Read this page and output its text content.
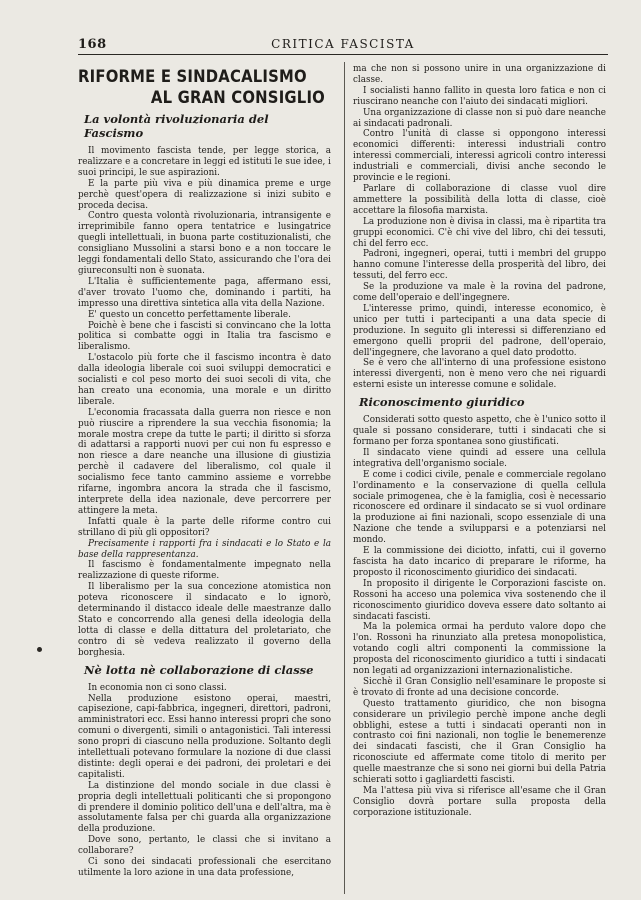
168	CRITICA FASCISTA
RIFORME E SINDACALISMO
AL GRAN CONSIGLIO
La volontà rivoluzionaria del Fascismo

Il movimento fascista tende, per legge storica, a realizzare e a concretare in leggi ed istituti le sue idee, i suoi principi, le sue aspirazioni.

E la parte più viva e più dinamica preme e urge perchè quest'opera di realizzazione si inizi subito e proceda decisa.

Contro questa volontà rivoluzionaria, intransigente e irreprimibile fanno opera tentatrice e lusingatrice quegli intellettuali, in buona parte costituzionalisti, che consigliano Mussolini a starsi bono e a non toccare le leggi fondamentali dello Stato, assicurando che l'ora dei giureconsulti non è suonata.

L'Italia è sufficientemente paga, affermano essi, d'aver trovato l'uomo che, dominando i partiti, ha impresso una direttiva sintetica alla vita della Nazione.

E' questo un concetto perfettamente liberale.

Poichè è bene che i fascisti si convincano che la lotta politica si combatte oggi in Italia tra fascismo e liberalismo.

L'ostacolo più forte che il fascismo incontra è dato dalla ideologia liberale coi suoi sviluppi democratici e socialisti e col peso morto dei suoi secoli di vita, che han creato una economia, una morale e un diritto liberale.

L'economia fracassata dalla guerra non riesce e non può riuscire a riprendere la sua vecchia fisonomia; la morale mostra crepe da tutte le parti; il diritto si sforza di adattarsi a rapporti nuovi per cui non fu espresso e non riesce a dare neanche una illusione di giustizia perchè il cadavere del liberalismo, col quale il socialismo fece tanto cammino assieme e vorrebbe rifarne, ingombra ancora la strada che il fascismo, interprete della idea nazionale, deve percorrere per attingere la meta.

Infatti quale è la parte delle riforme contro cui strillano di più gli oppositori?

Precisamente i rapporti fra i sindacati e lo Stato e la base della rappresentanza.

Il fascismo è fondamentalmente impegnato nella realizzazione di queste riforme.

Il liberalismo per la sua concezione atomistica non poteva riconoscere il sindacato e lo ignorò, determinando il distacco ideale delle maestranze dallo Stato e concorrendo alla genesi della ideologia della lotta di classe e della dittatura del proletariato, che contro di sè vedeva realizzato il governo della borghesia.

Nè lotta nè collaborazione di classe

In economia non ci sono classi.

Nella produzione esistono operai, maestri, capisezione, capi-fabbrica, ingegneri, direttori, padroni, amministratori ecc. Essi hanno interessi propri che sono comuni o divergenti, simili o antagonistici. Tali interessi sono propri di ciascuno nella produzione. Soltanto degli intellettuali potevano formulare la nozione di due classi distinte: degli operai e dei padroni, dei proletari e dei capitalisti.

La distinzione del mondo sociale in due classi è propria degli intellettuali politicanti che si propongono di prendere il dominio politico dell'una e dell'altra, ma è assolutamente falsa per chi guarda alla organizzazione della produzione.

Dove sono, pertanto, le classi che si invitano a collaborare?

Ci sono dei sindacati professionali che esercitano utilmente la loro azione in una data professione,

ma che non si possono unire in una organizzazione di classe.

I socialisti hanno fallito in questa loro fatica e non ci riuscirano neanche con l'aiuto dei sindacati migliori.

Una organizzazione di classe non si può dare neanche ai sindacati padronali.

Contro l'unità di classe si oppongono interessi economici differenti: interessi industriali contro interessi commerciali, interessi agricoli contro interessi industriali e commerciali, divisi anche secondo le provincie e le regioni.

Parlare di collaborazione di classe vuol dire ammettere la possibilità della lotta di classe, cioè accettare la filosofia marxista.

La produzione non è divisa in classi, ma è ripartita tra gruppi economici. C'è chi vive del libro, chi dei tessuti, chi del ferro ecc.

Padroni, ingegneri, operai, tutti i membri del gruppo hanno comune l'interesse della prosperità del libro, dei tessuti, del ferro ecc.

Se la produzione va male è la rovina del padrone, come dell'operaio e dell'ingegnere.

L'interesse primo, quindi, interesse economico, è unico per tutti i partecipanti a una data specie di produzione. In seguito gli interessi si differenziano ed emergono quelli proprii del padrone, dell'operaio, dell'ingegnere, che lavorano a quel dato prodotto.

Se è vero che all'interno di una professione esistono interessi divergenti, non è meno vero che nei riguardi esterni esiste un interesse comune e solidale.

Riconoscimento giuridico

Considerati sotto questo aspetto, che è l'unico sotto il quale si possano considerare, tutti i sindacati che si formano per forza spontanea sono giustificati.

Il sindacato viene quindi ad essere una cellula integrativa dell'organismo sociale.

E come i codici civile, penale e commerciale regolano l'ordinamento e la conservazione di quella cellula sociale primogenea, che è la famiglia, così è necessario riconoscere ed ordinare il sindacato se si vuol ordinare la produzione ai fini nazionali, scopo essenziale di una Nazione che tende a svilupparsi e a potenziarsi nel mondo.

E la commissione dei diciotto, infatti, cui il governo fascista ha dato incarico di preparare le riforme, ha proposto il riconoscimento giuridico dei sindacati.

In proposito il dirigente le Corporazioni fasciste on. Rossoni ha acceso una polemica viva sostenendo che il riconoscimento giuridico doveva essere dato soltanto ai sindacati fascisti.

Ma la polemica ormai ha perduto valore dopo che l'on. Rossoni ha rinunziato alla pretesa monopolistica, votando cogli altri componenti la commissione la proposta del riconoscimento giuridico a tutti i sindacati non legati ad organizzazioni internazionalistiche.

Sicchè il Gran Consiglio nell'esaminare le proposte si è trovato di fronte ad una decisione concorde.

Questo trattamento giuridico, che non bisogna considerare un privilegio perchè impone anche degli obblighi, estese a tutti i sindacati operanti non in contrasto coi fini nazionali, non toglie le benemerenze dei sindacati fascisti, che il Gran Consiglio ha riconosciute ed affermate come titolo di merito per quelle maestranze che si sono nei giorni bui della Patria schierati sotto i gagliardetti fascisti.

Ma l'attesa più viva si riferisce all'esame che il Gran Consiglio dovrà portare sulla proposta della corporazione istituzionale.
